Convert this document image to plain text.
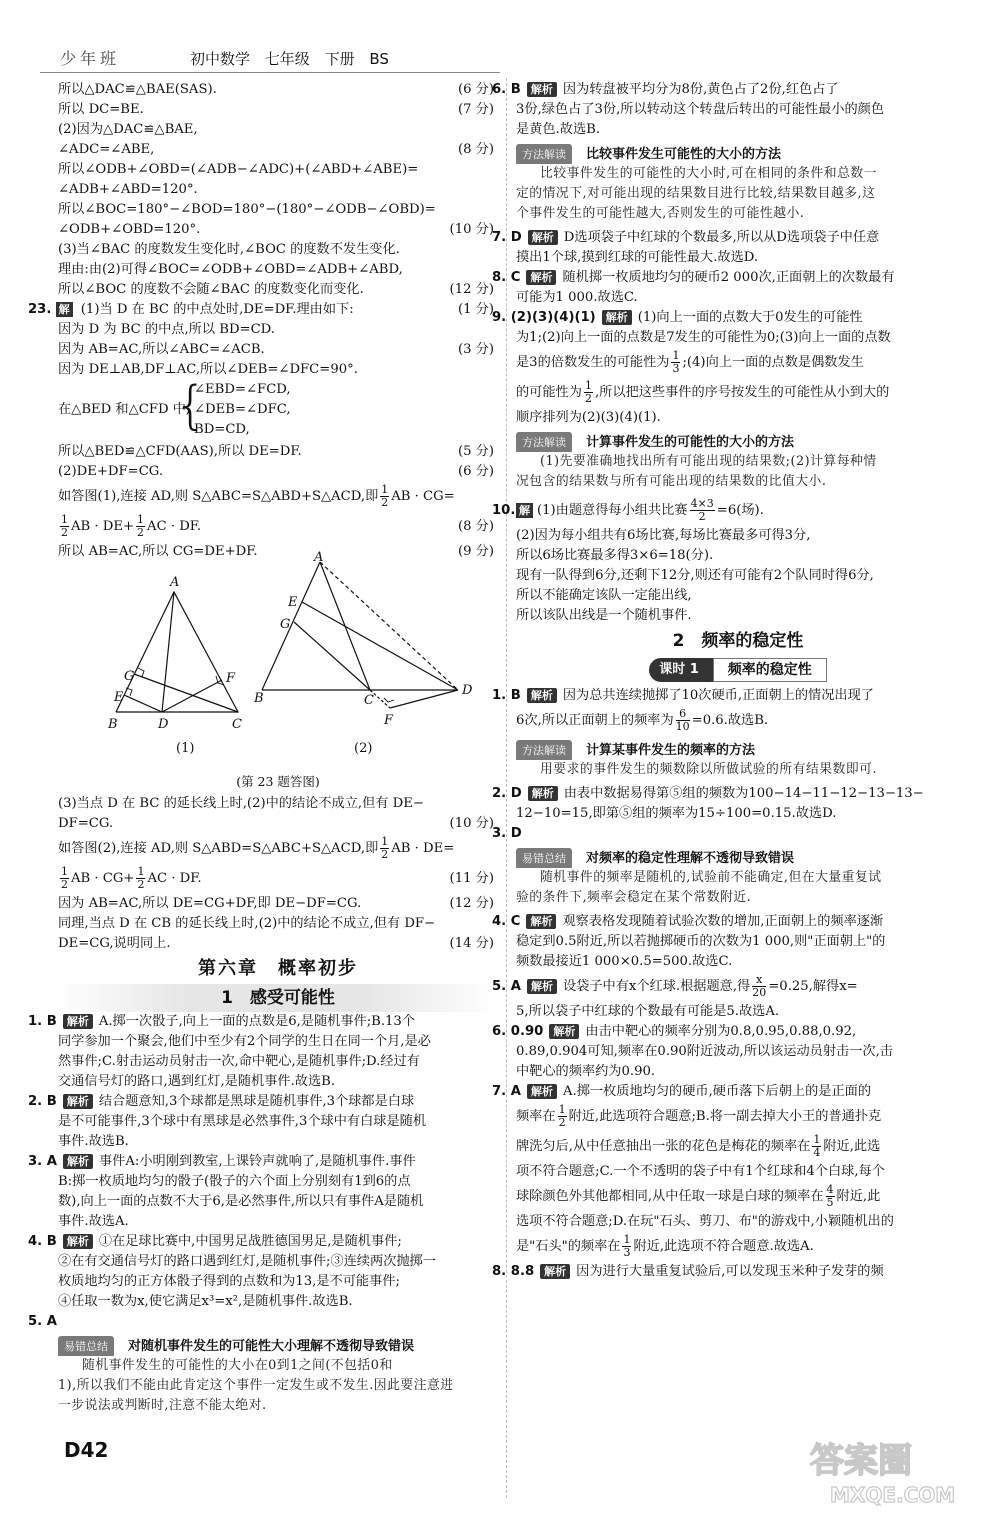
少年班	初中数学 七年级 下册 BS
所以△DAC≌△BAE(SAS).	(6 分)
所以 DC=BE.	(7 分)
(2)因为△DAC≌△BAE,
∠ADC=∠ABE,	(8 分)
所以∠ODB+∠OBD=(∠ADB−∠ADC)+(∠ABD+∠ABE)=
∠ADB+∠ABD=120°.
所以∠BOC=180°−∠BOD=180°−(180°−∠ODB−∠OBD)=
∠ODB+∠OBD=120°.	(10 分)
(3)当∠BAC 的度数发生变化时,∠BOC 的度数不发生变化.
理由:由(2)可得∠BOC=∠ODB+∠OBD=∠ADB+∠ABD,
所以∠BOC 的度数不会随∠BAC 的度数变化而变化.	(12 分)
23. 解 (1)当 D 在 BC 的中点处时,DE=DF.理由如下:	(1 分)
因为 D 为 BC 的中点,所以 BD=CD.
因为 AB=AC,所以∠ABC=∠ACB.	(3 分)
因为 DE⊥AB,DF⊥AC,所以∠DEB=∠DFC=90°.
在△BED 和△CFD 中,
{
∠EBD=∠FCD,
∠DEB=∠DFC,
BD=CD,
所以△BED≌△CFD(AAS),所以 DE=DF.	(5 分)
(2)DE+DF=CG.	(6 分)
如答图(1),连接 AD,则 S△ABC=S△ABD+S△ACD,即 $\frac{1}{2}$ AB · CG=
$\frac{1}{2}$ AB · $DE+ \frac{1}{2}$ AC · DF.	(8 分)
所以 AB=AC,所以 CG=DE+DF.	(9 分)
A
G
E
B	D	C
F
E
G
B	C
D
F
(1)	(2)
A
(第 23 题答图)
(3)当点 D 在 BC 的延长线上时,(2)中的结论不成立,但有 DE−
DF=CG.	(10 分)
如答图(2),连接 AD,则 S△ABD=S△ABC+S△ACD,即 $\frac{1}{2}$ AB · DE=
$\frac{1}{2}$ AB · $CG+ \frac{1}{2}$ AC · DF.	(11 分)
因为 AB=AC,所以 DE=CG+DF,即 DE−DF=CG.	(12 分)
同理,当点 D 在 CB 的延长线上时,(2)中的结论不成立,但有 DF−
DE=CG,说明同上.	(14 分)
第六章　概率初步
1　感受可能性
1. B 解析 A.掷一次骰子,向上一面的点数是6,是随机事件;B.13个
同学参加一个聚会,他们中至少有2个同学的生日在同一个月,是必
然事件;C.射击运动员射击一次,命中靶心,是随机事件;D.经过有
交通信号灯的路口,遇到红灯,是随机事件.故选B.
2. B 解析 结合题意知,3个球都是黑球是随机事件,3个球都是白球
是不可能事件,3个球中有黑球是必然事件,3个球中有白球是随机
事件.故选B.
3. A 解析 事件A:小明刚到教室,上课铃声就响了,是随机事件.事件
B:掷一枚质地均匀的骰子(骰子的六个面上分别刻有1到6的点
数),向上一面的点数不大于6,是必然事件,所以只有事件A是随机
事件.故选A.
4. B 解析 ①在足球比赛中,中国男足战胜德国男足,是随机事件;
②在有交通信号灯的路口遇到红灯,是随机事件;③连续两次抛掷一
枚质地均匀的正方体骰子得到的点数和为13,是不可能事件;
④任取一数为x,使它满足x³=x²,是随机事件.故选B.
5. A
易错总结 对随机事件发生的可能性大小理解不透彻导致错误
随机事件发生的可能性的大小在0到1之间(不包括0和
1),所以我们不能由此肯定这个事件一定发生或不发生.因此要注意进
一步说法或判断时,注意不能太绝对.
6. B 解析 因为转盘被平均分为8份,黄色占了2份,红色占了
3份,绿色占了3份,所以转动这个转盘后转出的可能性最小的颜色
是黄色.故选B.
方法解读 比较事件发生可能性的大小的方法
比较事件发生的可能性的大小时,可在相同的条件和总数一
定的情况下,对可能出现的结果数目进行比较,结果数目越多,这
个事件发生的可能性越大,否则发生的可能性越小.
7. D 解析 D选项袋子中红球的个数最多,所以从D选项袋子中任意
摸出1个球,摸到红球的可能性最大.故选D.
8. C 解析 随机掷一枚质地均匀的硬币2 000次,正面朝上的次数最有
可能为1 000.故选C.
9. (2)(3)(4)(1) 解析 (1)向上一面的点数大于0发生的可能性
为1;(2)向上一面的点数是7发生的可能性为0;(3)向上一面的点数
是3的倍数发生的可能性为 $\frac{1}{3}$ ;(4)向上一面的点数是偶数发生
的可能性为 $\frac{1}{2}$ ,所以把这些事件的序号按发生的可能性从小到大的
顺序排列为(2)(3)(4)(1).
方法解读 计算事件发生的可能性的大小的方法
(1)先要准确地找出所有可能出现的结果数;(2)计算每种情
况包含的结果数与所有可能出现的结果数的比值大小.
10. 解 (1)由题意得每小组共比赛 $\frac{4\times 3}{2} =6$(场).
(2)因为每小组共有6场比赛,每场比赛最多可得3分,
所以6场比赛最多得3×6=18(分).
现有一队得到6分,还剩下12分,则还有可能有2个队同时得6分,
所以不能确定该队一定能出线,
所以该队出线是一个随机事件.
2　频率的稳定性
课时 1 频率的稳定性
1. B 解析 因为总共连续抛掷了10次硬币,正面朝上的情况出现了
6次,所以正面朝上的频率为 $\frac{6}{10} =0.6$.故选B.
方法解读 计算某事件发生的频率的方法
用要求的事件发生的频数除以所做试验的所有结果数即可.
2. D 解析 由表中数据易得第⑤组的频数为100−14−11−12−13−13−
12−10=15,即第⑤组的频率为15÷100=0.15.故选D.
3. D
易错总结 对频率的稳定性理解不透彻导致错误
随机事件的频率是随机的,试验前不能确定,但在大量重复试
验的条件下,频率会稳定在某个常数附近.
4. C 解析 观察表格发现随着试验次数的增加,正面朝上的频率逐渐
稳定到0.5附近,所以若抛掷硬币的次数为1 000,则"正面朝上"的
频数最接近1 000×0.5=500.故选C.
5. A 解析 设袋子中有x个红球.根据题意,得 $\frac{x}{20} =0.25$,解得x=
5,所以袋子中红球的个数最有可能是5.故选A.
6. 0.90 解析 由击中靶心的频率分别为0.8,0.95,0.88,0.92,
0.89,0.904可知,频率在0.90附近波动,所以该运动员射击一次,击
中靶心的频率约为0.90.
7. A 解析 A.掷一枚质地均匀的硬币,硬币落下后朝上的是正面的
频率在 $\frac{1}{2}$ 附近,此选项符合题意;B.将一副去掉大小王的普通扑克
牌洗匀后,从中任意抽出一张的花色是梅花的频率在 $\frac{1}{4}$ 附近,此选
项不符合题意;C.一个不透明的袋子中有1个红球和4个白球,每个
球除颜色外其他都相同,从中任取一球是白球的频率在 $\frac{4}{5}$ 附近,此
选项不符合题意;D.在玩"石头、剪刀、布"的游戏中,小颖随机出的
是"石头"的频率在 $\frac{1}{3}$ 附近,此选项不符合题意.故选A.
8. 8.8 解析 因为进行大量重复试验后,可以发现玉米种子发芽的频
D42	答案圈
MXQE.COM
